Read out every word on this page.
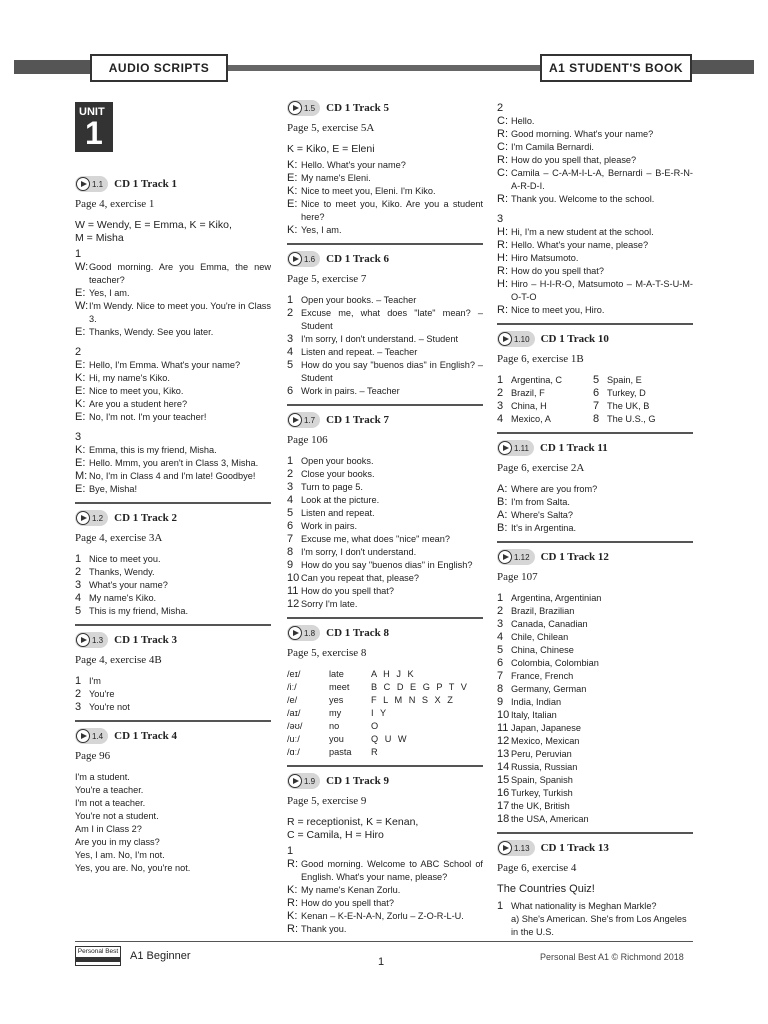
AUDIO SCRIPTS	A1 STUDENT'S BOOK
UNIT
1
1.1 CD 1 Track 1
Page 4, exercise 1
W = Wendy, E = Emma, K = Kiko,
M = Misha
1
W: Good morning. Are you Emma, the new teacher?
E: Yes, I am.
W: I'm Wendy. Nice to meet you. You're in Class 3.
E: Thanks, Wendy. See you later.
2
E: Hello, I'm Emma. What's your name?
K: Hi, my name's Kiko.
E: Nice to meet you, Kiko.
K: Are you a student here?
E: No, I'm not. I'm your teacher!
3
K: Emma, this is my friend, Misha.
E: Hello. Mmm, you aren't in Class 3, Misha.
M: No, I'm in Class 4 and I'm late! Goodbye!
E: Bye, Misha!
1.2 CD 1 Track 2
Page 4, exercise 3A
1 Nice to meet you.
2 Thanks, Wendy.
3 What's your name?
4 My name's Kiko.
5 This is my friend, Misha.
1.3 CD 1 Track 3
Page 4, exercise 4B
1 I'm
2 You're
3 You're not
1.4 CD 1 Track 4
Page 96
I'm a student.
You're a teacher.
I'm not a teacher.
You're not a student.
Am I in Class 2?
Are you in my class?
Yes, I am. No, I'm not.
Yes, you are. No, you're not.
1.5 CD 1 Track 5
Page 5, exercise 5A
K = Kiko, E = Eleni
K: Hello. What's your name?
E: My name's Eleni.
K: Nice to meet you, Eleni. I'm Kiko.
E: Nice to meet you, Kiko. Are you a student here?
K: Yes, I am.
1.6 CD 1 Track 6
Page 5, exercise 7
1 Open your books. – Teacher
2 Excuse me, what does "late" mean? – Student
3 I'm sorry, I don't understand. – Student
4 Listen and repeat. – Teacher
5 How do you say "buenos dias" in English? – Student
6 Work in pairs. – Teacher
1.7 CD 1 Track 7
Page 106
1 Open your books.
2 Close your books.
3 Turn to page 5.
4 Look at the picture.
5 Listen and repeat.
6 Work in pairs.
7 Excuse me, what does "nice" mean?
8 I'm sorry, I don't understand.
9 How do you say "buenos dias" in English?
10 Can you repeat that, please?
11 How do you spell that?
12 Sorry I'm late.
1.8 CD 1 Track 8
Page 5, exercise 8
/eɪ/	late	A H J K
/iː/	meet	B C D E G P T V
/e/	yes	F L M N S X Z
/aɪ/	my	I Y
/əʊ/	no	O
/uː/	you	Q U W
/ɑː/	pasta	R
1.9 CD 1 Track 9
Page 5, exercise 9
R = receptionist, K = Kenan,
C = Camila, H = Hiro
1
R: Good morning. Welcome to ABC School of English. What's your name, please?
K: My name's Kenan Zorlu.
R: How do you spell that?
K: Kenan – K-E-N-A-N, Zorlu – Z-O-R-L-U.
R: Thank you.
2
C: Hello.
R: Good morning. What's your name?
C: I'm Camila Bernardi.
R: How do you spell that, please?
C: Camila – C-A-M-I-L-A, Bernardi – B-E-R-N-A-R-D-I.
R: Thank you. Welcome to the school.
3
H: Hi, I'm a new student at the school.
R: Hello. What's your name, please?
H: Hiro Matsumoto.
R: How do you spell that?
H: Hiro – H-I-R-O, Matsumoto – M-A-T-S-U-M-O-T-O
R: Nice to meet you, Hiro.
1.10 CD 1 Track 10
Page 6, exercise 1B
1 Argentina, C
2 Brazil, F
3 China, H
4 Mexico, A
5 Spain, E
6 Turkey, D
7 The UK, B
8 The U.S., G
1.11 CD 1 Track 11
Page 6, exercise 2A
A: Where are you from?
B: I'm from Salta.
A: Where's Salta?
B: It's in Argentina.
1.12 CD 1 Track 12
Page 107
1 Argentina, Argentinian
2 Brazil, Brazilian
3 Canada, Canadian
4 Chile, Chilean
5 China, Chinese
6 Colombia, Colombian
7 France, French
8 Germany, German
9 India, Indian
10 Italy, Italian
11 Japan, Japanese
12 Mexico, Mexican
13 Peru, Peruvian
14 Russia, Russian
15 Spain, Spanish
16 Turkey, Turkish
17 the UK, British
18 the USA, American
1.13 CD 1 Track 13
Page 6, exercise 4
The Countries Quiz!
1 What nationality is Meghan Markle?
a) She's American. She's from Los Angeles in the U.S.
Personal Best A1 Beginner	1	Personal Best A1 © Richmond 2018
